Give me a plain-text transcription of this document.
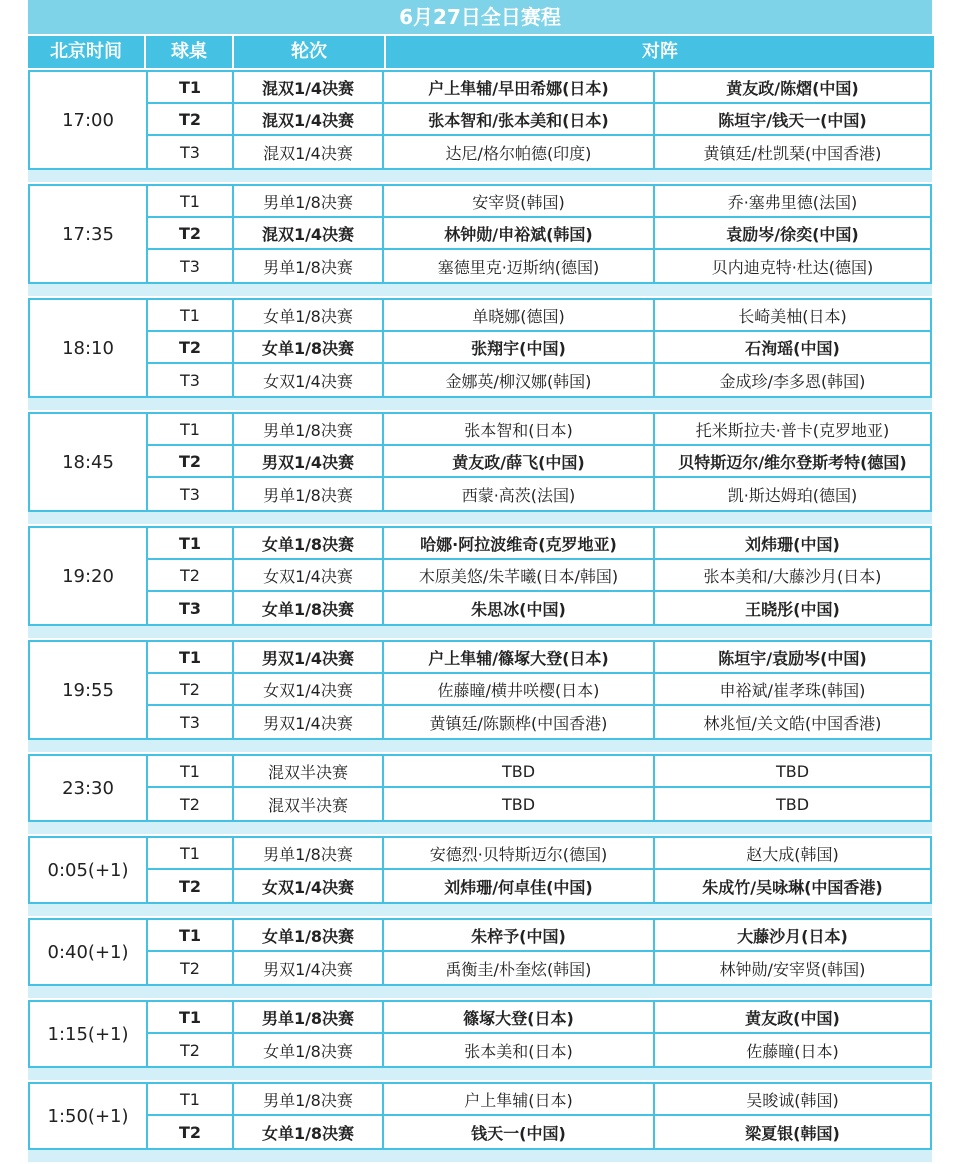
6月27日全日赛程
北京时间	球桌	轮次	对阵
17:00
T1	混双1/4决赛	户上隼辅/早田希娜(日本)	黄友政/陈熠(中国)
T2	混双1/4决赛	张本智和/张本美和(日本)	陈垣宇/钱天一(中国)
T3	混双1/4决赛	达尼/格尔帕德(印度)	黄镇廷/杜凯琹(中国香港)
17:35
T1	男单1/8决赛	安宰贤(韩国)	乔·塞弗里德(法国)
T2	混双1/4决赛	林钟勋/申裕斌(韩国)	袁励岑/徐奕(中国)
T3	男单1/8决赛	塞德里克·迈斯纳(德国)	贝内迪克特·杜达(德国)
18:10
T1	女单1/8决赛	单晓娜(德国)	长崎美柚(日本)
T2	女单1/8决赛	张翔宇(中国)	石洵瑶(中国)
T3	女双1/4决赛	金娜英/柳汉娜(韩国)	金成珍/李多恩(韩国)
18:45
T1	男单1/8决赛	张本智和(日本)	托米斯拉夫·普卡(克罗地亚)
T2	男双1/4决赛	黄友政/薛飞(中国)	贝特斯迈尔/维尔登斯考特(德国)
T3	男单1/8决赛	西蒙·高茨(法国)	凯·斯达姆珀(德国)
19:20
T1	女单1/8决赛	哈娜·阿拉波维奇(克罗地亚)	刘炜珊(中国)
T2	女双1/4决赛	木原美悠/朱芊曦(日本/韩国)	张本美和/大藤沙月(日本)
T3	女单1/8决赛	朱思冰(中国)	王晓彤(中国)
19:55
T1	男双1/4决赛	户上隼辅/篠塚大登(日本)	陈垣宇/袁励岑(中国)
T2	女双1/4决赛	佐藤瞳/横井咲樱(日本)	申裕斌/崔孝珠(韩国)
T3	男双1/4决赛	黄镇廷/陈颢桦(中国香港)	林兆恒/关文皓(中国香港)
23:30
T1	混双半决赛	TBD	TBD
T2	混双半决赛	TBD	TBD
0:05(+1)
T1	男单1/8决赛	安德烈·贝特斯迈尔(德国)	赵大成(韩国)
T2	女双1/4决赛	刘炜珊/何卓佳(中国)	朱成竹/吴咏琳(中国香港)
0:40(+1)
T1	女单1/8决赛	朱梓予(中国)	大藤沙月(日本)
T2	男双1/4决赛	禹衡圭/朴奎炫(韩国)	林钟勋/安宰贤(韩国)
1:15(+1)
T1	男单1/8决赛	篠塚大登(日本)	黄友政(中国)
T2	女单1/8决赛	张本美和(日本)	佐藤瞳(日本)
1:50(+1)
T1	男单1/8决赛	户上隼辅(日本)	吴晙诚(韩国)
T2	女单1/8决赛	钱天一(中国)	梁夏银(韩国)
